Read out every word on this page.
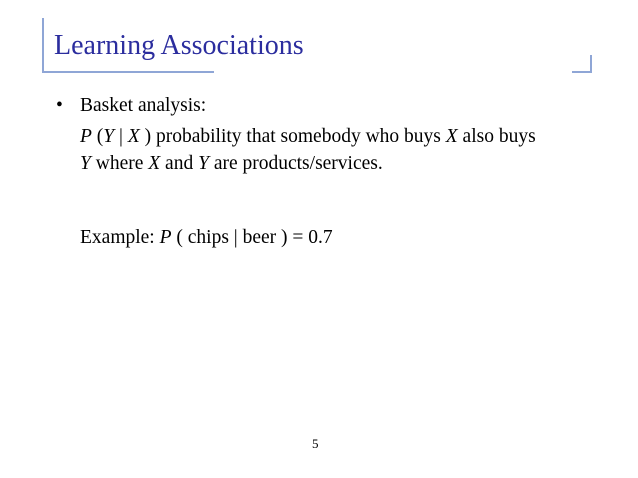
Learning Associations
• Basket analysis:
P (Y | X ) probability that somebody who buys X also buys
Y where X and Y are products/services.
Example: P ( chips | beer ) = 0.7
5
